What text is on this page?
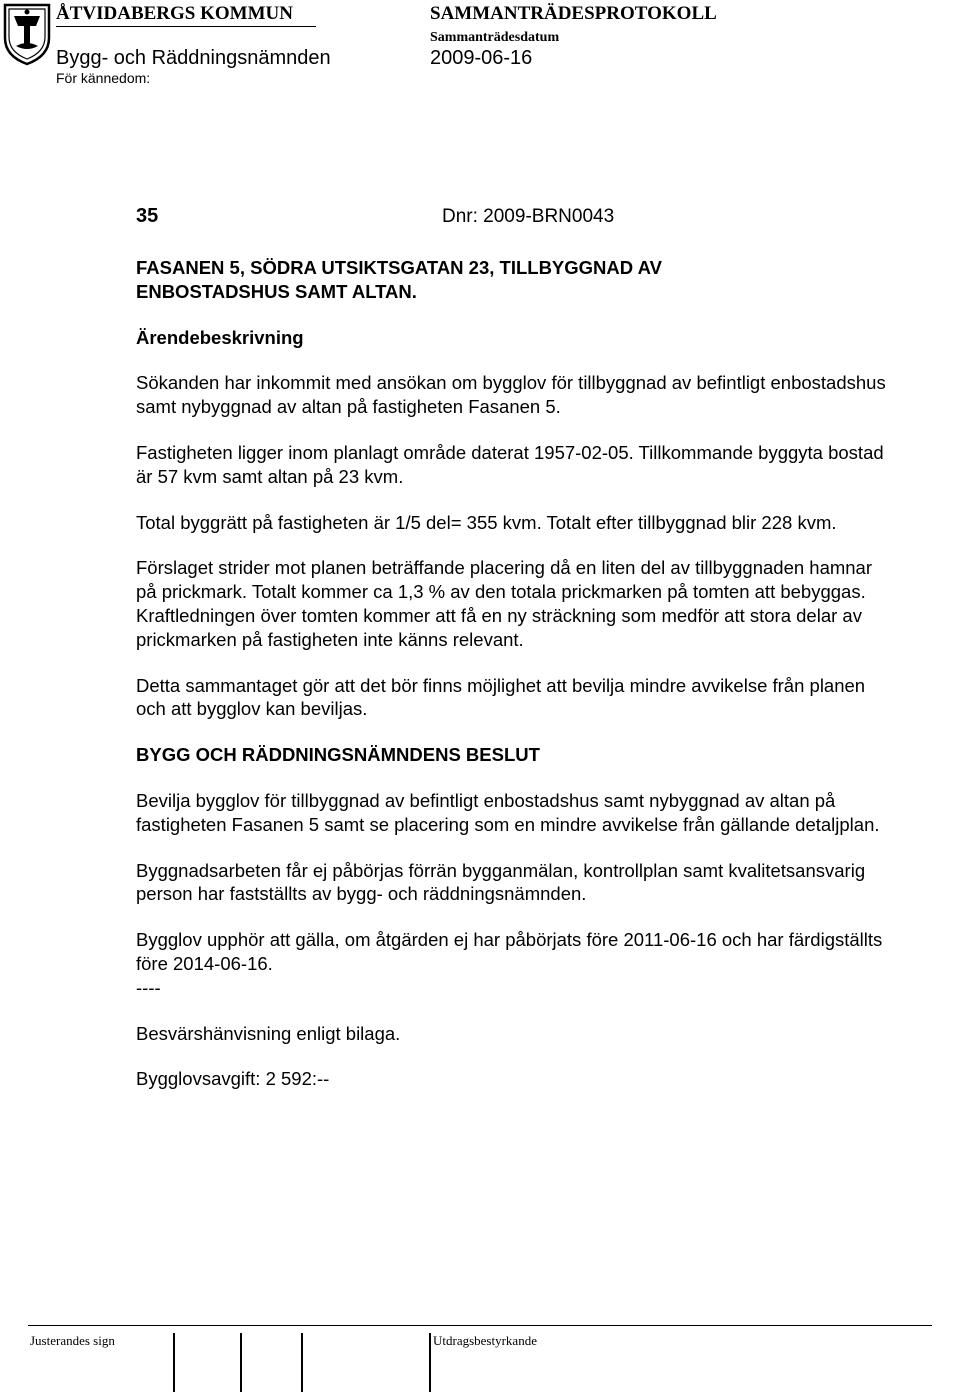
ÅTVIDABERGS KOMMUN	SAMMANTRÄDESPROTOKOLL
Sammanträdesdatum
Bygg- och Räddningsnämnden	2009-06-16
För kännedom:
35	Dnr: 2009-BRN0043

FASANEN 5, SÖDRA UTSIKTSGATAN 23, TILLBYGGNAD AV

ENBOSTADSHUS SAMT ALTAN.

Ärendebeskrivning

Sökanden har inkommit med ansökan om bygglov för tillbyggnad av befintligt enbostadshus samt nybyggnad av altan på fastigheten Fasanen 5.

Fastigheten ligger inom planlagt område daterat 1957-02-05. Tillkommande byggyta bostad är 57 kvm samt altan på 23 kvm.

Total byggrätt på fastigheten är 1/5 del= 355 kvm. Totalt efter tillbyggnad blir 228 kvm.

Förslaget strider mot planen beträffande placering då en liten del av tillbyggnaden hamnar på prickmark. Totalt kommer ca 1,3 % av den totala prickmarken på tomten att bebyggas.

Kraftledningen över tomten kommer att få en ny sträckning som medför att stora delar av prickmarken på fastigheten inte känns relevant.

Detta sammantaget gör att det bör finns möjlighet att bevilja mindre avvikelse från planen och att bygglov kan beviljas.

BYGG OCH RÄDDNINGSNÄMNDENS BESLUT

Bevilja bygglov för tillbyggnad av befintligt enbostadshus samt nybyggnad av altan på fastigheten Fasanen 5 samt se placering som en mindre avvikelse från gällande detaljplan.

Byggnadsarbeten får ej påbörjas förrän bygganmälan, kontrollplan samt kvalitetsansvarig person har fastställts av bygg- och räddningsnämnden.

Bygglov upphör att gälla, om åtgärden ej har påbörjats före 2011-06-16 och har färdigställts före 2014-06-16.

----

Besvärshänvisning enligt bilaga.

Bygglovsavgift: 2 592:--

Justerandes sign	Utdragsbestyrkande
